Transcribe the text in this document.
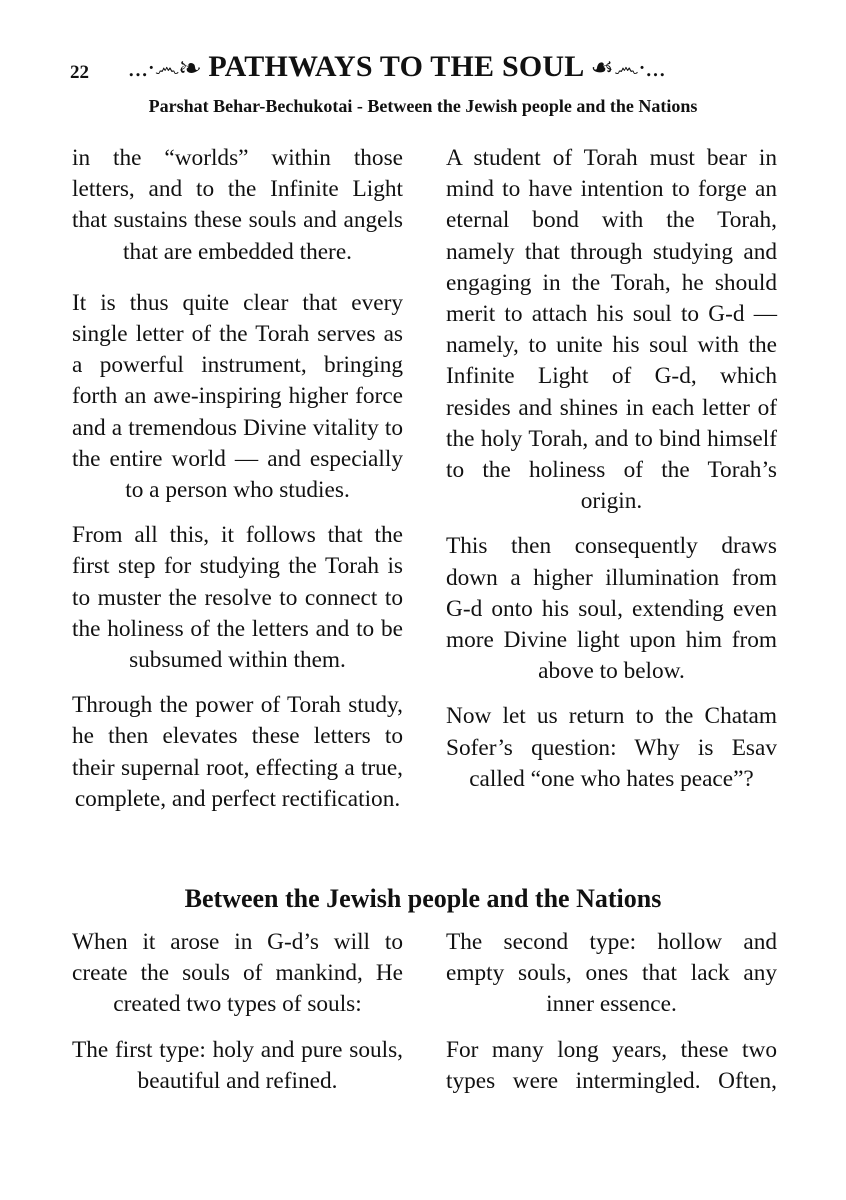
22 ...∙෴❧ PATHWAYS TO THE SOUL ☙෴∙...
Parshat Behar-Bechukotai - Between the Jewish people and the Nations

in the “worlds” within those letters, and to the Infinite Light that sustains these souls and angels that are embedded there.

It is thus quite clear that every single letter of the Torah serves as a powerful instrument, bringing forth an awe-inspiring higher force and a tremendous Divine vitality to the entire world — and especially to a person who studies.

From all this, it follows that the first step for studying the Torah is to muster the resolve to connect to the holiness of the letters and to be subsumed within them.

Through the power of Torah study, he then elevates these letters to their supernal root, effecting a true, complete, and perfect rectification.

A student of Torah must bear in mind to have intention to forge an eternal bond with the Torah, namely that through studying and engaging in the Torah, he should merit to attach his soul to G-d — namely, to unite his soul with the Infinite Light of G-d, which resides and shines in each letter of the holy Torah, and to bind himself to the holiness of the Torah’s origin.

This then consequently draws down a higher illumination from G-d onto his soul, extending even more Divine light upon him from above to below.

Now let us return to the Chatam Sofer’s question: Why is Esav called “one who hates peace”?

Between the Jewish people and the Nations

When it arose in G-d’s will to create the souls of mankind, He created two types of souls:

The first type: holy and pure souls, beautiful and refined.

The second type: hollow and empty souls, ones that lack any inner essence.

For many long years, these two types were intermingled. Often,
